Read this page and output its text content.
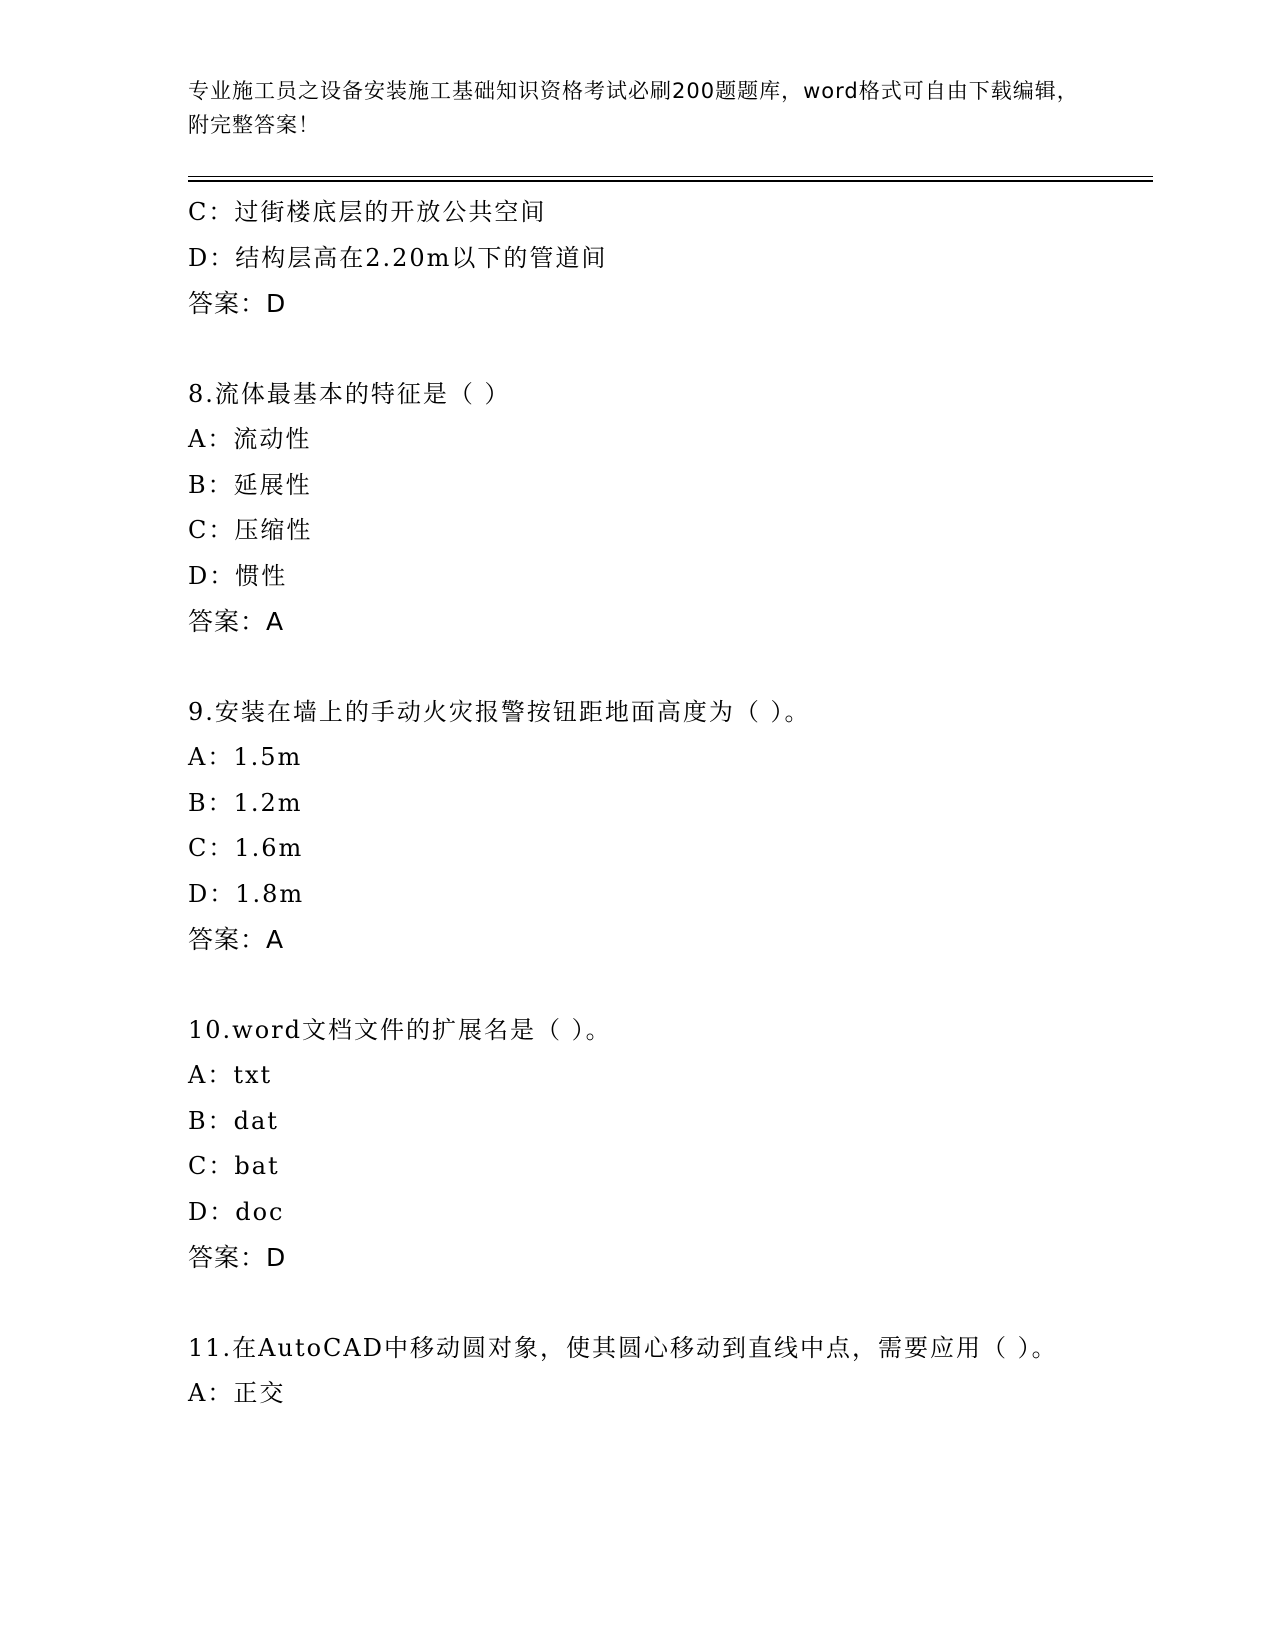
专业施工员之设备安装施工基础知识资格考试必刷200题题库，word格式可自由下载编辑，附完整答案！
C：过街楼底层的开放公共空间
D：结构层高在2.20m以下的管道间
答案：D
8.流体最基本的特征是（ ）
A：流动性
B：延展性
C：压缩性
D：惯性
答案：A
9.安装在墙上的手动火灾报警按钮距地面高度为（ ）。
A：1.5m
B：1.2m
C：1.6m
D：1.8m
答案：A
10.word文档文件的扩展名是（ ）。
A：txt
B：dat
C：bat
D：doc
答案：D
11.在AutoCAD中移动圆对象，使其圆心移动到直线中点，需要应用（ ）。
A：正交
